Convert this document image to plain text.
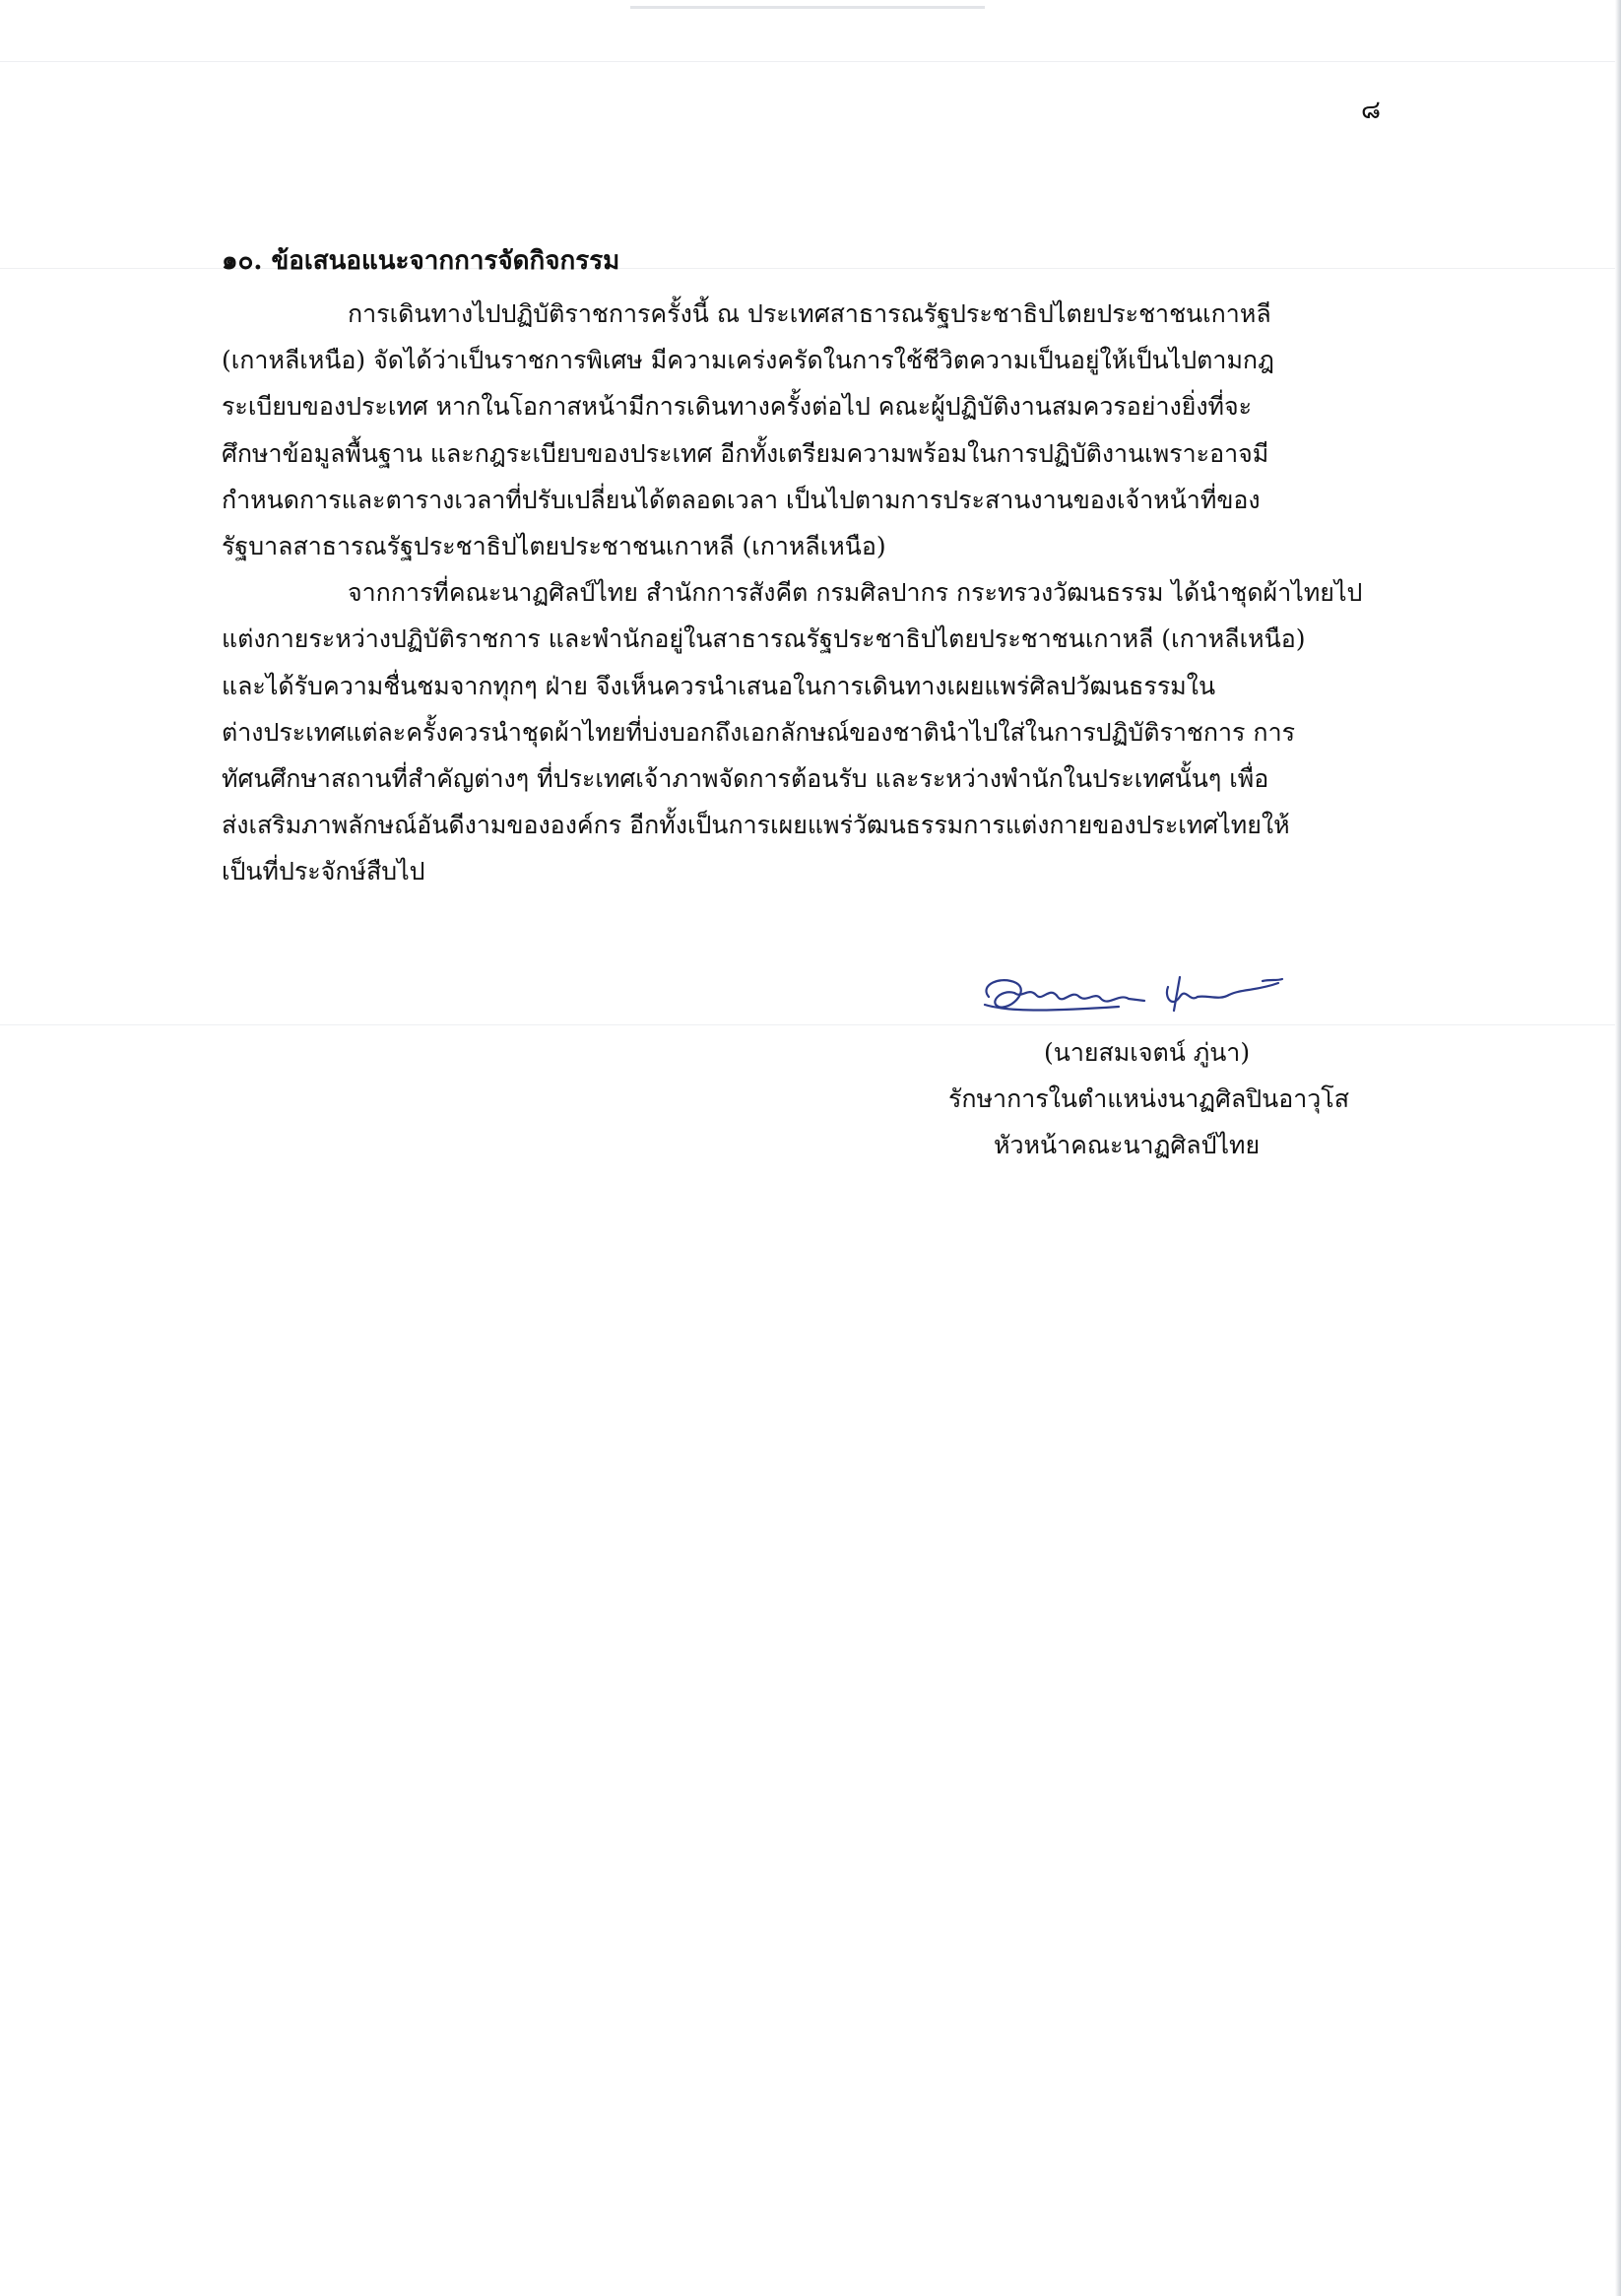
๘
๑๐. ข้อเสนอแนะจากการจัดกิจกรรม
การเดินทางไปปฏิบัติราชการครั้งนี้ ณ ประเทศสาธารณรัฐประชาธิปไตยประชาชนเกาหลี
(เกาหลีเหนือ) จัดได้ว่าเป็นราชการพิเศษ มีความเคร่งครัดในการใช้ชีวิตความเป็นอยู่ให้เป็นไปตามกฎ
ระเบียบของประเทศ หากในโอกาสหน้ามีการเดินทางครั้งต่อไป คณะผู้ปฏิบัติงานสมควรอย่างยิ่งที่จะ
ศึกษาข้อมูลพื้นฐาน และกฎระเบียบของประเทศ อีกทั้งเตรียมความพร้อมในการปฏิบัติงานเพราะอาจมี
กำหนดการและตารางเวลาที่ปรับเปลี่ยนได้ตลอดเวลา เป็นไปตามการประสานงานของเจ้าหน้าที่ของ
รัฐบาลสาธารณรัฐประชาธิปไตยประชาชนเกาหลี (เกาหลีเหนือ)
จากการที่คณะนาฏศิลป์ไทย สำนักการสังคีต กรมศิลปากร กระทรวงวัฒนธรรม ได้นำชุดผ้าไทยไป
แต่งกายระหว่างปฏิบัติราชการ และพำนักอยู่ในสาธารณรัฐประชาธิปไตยประชาชนเกาหลี (เกาหลีเหนือ)
และได้รับความชื่นชมจากทุกๆ ฝ่าย จึงเห็นควรนำเสนอในการเดินทางเผยแพร่ศิลปวัฒนธรรมใน
ต่างประเทศแต่ละครั้งควรนำชุดผ้าไทยที่บ่งบอกถึงเอกลักษณ์ของชาตินำไปใส่ในการปฏิบัติราชการ การ
ทัศนศึกษาสถานที่สำคัญต่างๆ ที่ประเทศเจ้าภาพจัดการต้อนรับ และระหว่างพำนักในประเทศนั้นๆ เพื่อ
ส่งเสริมภาพลักษณ์อันดีงามขององค์กร อีกทั้งเป็นการเผยแพร่วัฒนธรรมการแต่งกายของประเทศไทยให้
เป็นที่ประจักษ์สืบไป
(นายสมเจตน์ ภู่นา)
รักษาการในตำแหน่งนาฏศิลปินอาวุโส
หัวหน้าคณะนาฏศิลป์ไทย
